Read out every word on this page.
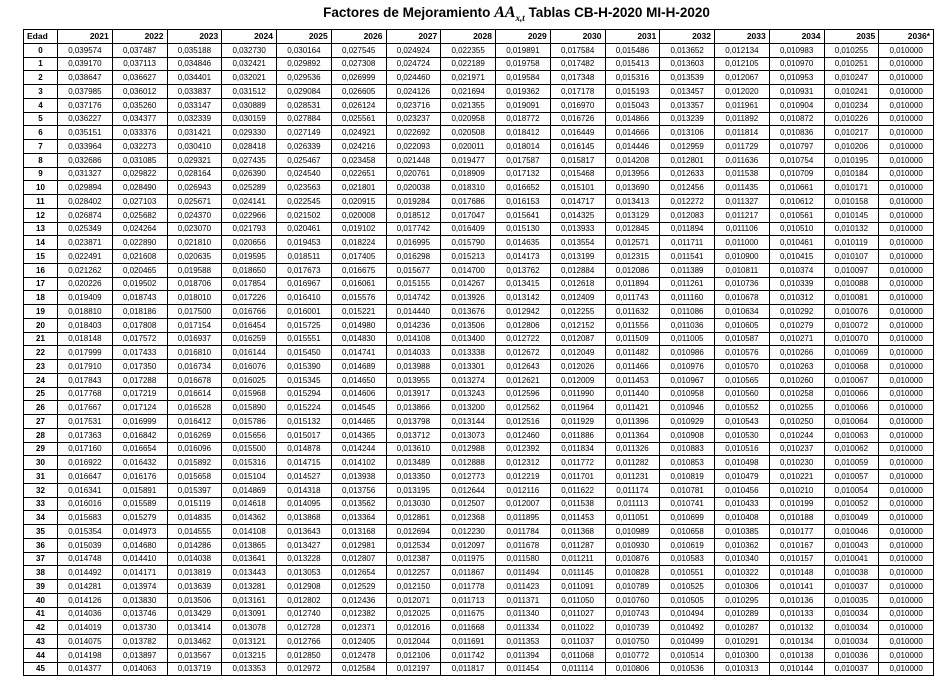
Factores de Mejoramiento $AA_{x,t}$ Tablas CB-H-2020 MI-H-2020
Edad	2021	2022	2023	2024	2025	2026	2027	2028	2029	2030	2031	2032	2033	2034	2035	2036*
0	0,039574	0,037487	0,035188	0,032730	0,030164	0,027545	0,024924	0,022355	0,019891	0,017584	0,015486	0,013652	0,012134	0,010983	0,010255	0,010000
1	0,039170	0,037113	0,034846	0,032421	0,029892	0,027308	0,024724	0,022189	0,019758	0,017482	0,015413	0,013603	0,012105	0,010970	0,010251	0,010000
2	0,038647	0,036627	0,034401	0,032021	0,029536	0,026999	0,024460	0,021971	0,019584	0,017348	0,015316	0,013539	0,012067	0,010953	0,010247	0,010000
3	0,037985	0,036012	0,033837	0,031512	0,029084	0,026605	0,024126	0,021694	0,019362	0,017178	0,015193	0,013457	0,012020	0,010931	0,010241	0,010000
4	0,037176	0,035260	0,033147	0,030889	0,028531	0,026124	0,023716	0,021355	0,019091	0,016970	0,015043	0,013357	0,011961	0,010904	0,010234	0,010000
5	0,036227	0,034377	0,032339	0,030159	0,027884	0,025561	0,023237	0,020958	0,018772	0,016726	0,014866	0,013239	0,011892	0,010872	0,010226	0,010000
6	0,035151	0,033376	0,031421	0,029330	0,027149	0,024921	0,022692	0,020508	0,018412	0,016449	0,014666	0,013106	0,011814	0,010836	0,010217	0,010000
7	0,033964	0,032273	0,030410	0,028418	0,026339	0,024216	0,022093	0,020011	0,018014	0,016145	0,014446	0,012959	0,011729	0,010797	0,010206	0,010000
8	0,032686	0,031085	0,029321	0,027435	0,025467	0,023458	0,021448	0,019477	0,017587	0,015817	0,014208	0,012801	0,011636	0,010754	0,010195	0,010000
9	0,031327	0,029822	0,028164	0,026390	0,024540	0,022651	0,020761	0,018909	0,017132	0,015468	0,013956	0,012633	0,011538	0,010709	0,010184	0,010000
10	0,029894	0,028490	0,026943	0,025289	0,023563	0,021801	0,020038	0,018310	0,016652	0,015101	0,013690	0,012456	0,011435	0,010661	0,010171	0,010000
11	0,028402	0,027103	0,025671	0,024141	0,022545	0,020915	0,019284	0,017686	0,016153	0,014717	0,013413	0,012272	0,011327	0,010612	0,010158	0,010000
12	0,026874	0,025682	0,024370	0,022966	0,021502	0,020008	0,018512	0,017047	0,015641	0,014325	0,013129	0,012083	0,011217	0,010561	0,010145	0,010000
13	0,025349	0,024264	0,023070	0,021793	0,020461	0,019102	0,017742	0,016409	0,015130	0,013933	0,012845	0,011894	0,011106	0,010510	0,010132	0,010000
14	0,023871	0,022890	0,021810	0,020656	0,019453	0,018224	0,016995	0,015790	0,014635	0,013554	0,012571	0,011711	0,011000	0,010461	0,010119	0,010000
15	0,022491	0,021608	0,020635	0,019595	0,018511	0,017405	0,016298	0,015213	0,014173	0,013199	0,012315	0,011541	0,010900	0,010415	0,010107	0,010000
16	0,021262	0,020465	0,019588	0,018650	0,017673	0,016675	0,015677	0,014700	0,013762	0,012884	0,012086	0,011389	0,010811	0,010374	0,010097	0,010000
17	0,020226	0,019502	0,018706	0,017854	0,016967	0,016061	0,015155	0,014267	0,013415	0,012618	0,011894	0,011261	0,010736	0,010339	0,010088	0,010000
18	0,019409	0,018743	0,018010	0,017226	0,016410	0,015576	0,014742	0,013926	0,013142	0,012409	0,011743	0,011160	0,010678	0,010312	0,010081	0,010000
19	0,018810	0,018186	0,017500	0,016766	0,016001	0,015221	0,014440	0,013676	0,012942	0,012255	0,011632	0,011086	0,010634	0,010292	0,010076	0,010000
20	0,018403	0,017808	0,017154	0,016454	0,015725	0,014980	0,014236	0,013506	0,012806	0,012152	0,011556	0,011036	0,010605	0,010279	0,010072	0,010000
21	0,018148	0,017572	0,016937	0,016259	0,015551	0,014830	0,014108	0,013400	0,012722	0,012087	0,011509	0,011005	0,010587	0,010271	0,010070	0,010000
22	0,017999	0,017433	0,016810	0,016144	0,015450	0,014741	0,014033	0,013338	0,012672	0,012049	0,011482	0,010986	0,010576	0,010266	0,010069	0,010000
23	0,017910	0,017350	0,016734	0,016076	0,015390	0,014689	0,013988	0,013301	0,012643	0,012026	0,011466	0,010976	0,010570	0,010263	0,010068	0,010000
24	0,017843	0,017288	0,016678	0,016025	0,015345	0,014650	0,013955	0,013274	0,012621	0,012009	0,011453	0,010967	0,010565	0,010260	0,010067	0,010000
25	0,017768	0,017219	0,016614	0,015968	0,015294	0,014606	0,013917	0,013243	0,012596	0,011990	0,011440	0,010958	0,010560	0,010258	0,010066	0,010000
26	0,017667	0,017124	0,016528	0,015890	0,015224	0,014545	0,013866	0,013200	0,012562	0,011964	0,011421	0,010946	0,010552	0,010255	0,010066	0,010000
27	0,017531	0,016999	0,016412	0,015786	0,015132	0,014465	0,013798	0,013144	0,012516	0,011929	0,011396	0,010929	0,010543	0,010250	0,010064	0,010000
28	0,017363	0,016842	0,016269	0,015656	0,015017	0,014365	0,013712	0,013073	0,012460	0,011886	0,011364	0,010908	0,010530	0,010244	0,010063	0,010000
29	0,017160	0,016654	0,016096	0,015500	0,014878	0,014244	0,013610	0,012988	0,012392	0,011834	0,011326	0,010883	0,010516	0,010237	0,010062	0,010000
30	0,016922	0,016432	0,015892	0,015316	0,014715	0,014102	0,013489	0,012888	0,012312	0,011772	0,011282	0,010853	0,010498	0,010230	0,010059	0,010000
31	0,016647	0,016176	0,015658	0,015104	0,014527	0,013938	0,013350	0,012773	0,012219	0,011701	0,011231	0,010819	0,010479	0,010221	0,010057	0,010000
32	0,016341	0,015891	0,015397	0,014869	0,014318	0,013756	0,013195	0,012644	0,012116	0,011622	0,011174	0,010781	0,010456	0,010210	0,010054	0,010000
33	0,016016	0,015589	0,015119	0,014618	0,014095	0,013562	0,013030	0,012507	0,012007	0,011538	0,011113	0,010741	0,010433	0,010199	0,010052	0,010000
34	0,015683	0,015279	0,014835	0,014362	0,013868	0,013364	0,012861	0,012368	0,011895	0,011453	0,011051	0,010699	0,010408	0,010188	0,010049	0,010000
35	0,015354	0,014973	0,014555	0,014108	0,013643	0,013168	0,012694	0,012230	0,011784	0,011368	0,010989	0,010658	0,010385	0,010177	0,010046	0,010000
36	0,015039	0,014680	0,014286	0,013865	0,013427	0,012981	0,012534	0,012097	0,011678	0,011287	0,010930	0,010619	0,010362	0,010167	0,010043	0,010000
37	0,014748	0,014410	0,014038	0,013641	0,013228	0,012807	0,012387	0,011975	0,011580	0,011211	0,010876	0,010583	0,010340	0,010157	0,010041	0,010000
38	0,014492	0,014171	0,013819	0,013443	0,013053	0,012654	0,012257	0,011867	0,011494	0,011145	0,010828	0,010551	0,010322	0,010148	0,010038	0,010000
39	0,014281	0,013974	0,013639	0,013281	0,012908	0,012529	0,012150	0,011778	0,011423	0,011091	0,010789	0,010525	0,010306	0,010141	0,010037	0,010000
40	0,014126	0,013830	0,013506	0,013161	0,012802	0,012436	0,012071	0,011713	0,011371	0,011050	0,010760	0,010505	0,010295	0,010136	0,010035	0,010000
41	0,014036	0,013746	0,013429	0,013091	0,012740	0,012382	0,012025	0,011675	0,011340	0,011027	0,010743	0,010494	0,010289	0,010133	0,010034	0,010000
42	0,014019	0,013730	0,013414	0,013078	0,012728	0,012371	0,012016	0,011668	0,011334	0,011022	0,010739	0,010492	0,010287	0,010132	0,010034	0,010000
43	0,014075	0,013782	0,013462	0,013121	0,012766	0,012405	0,012044	0,011691	0,011353	0,011037	0,010750	0,010499	0,010291	0,010134	0,010034	0,010000
44	0,014198	0,013897	0,013567	0,013215	0,012850	0,012478	0,012106	0,011742	0,011394	0,011068	0,010772	0,010514	0,010300	0,010138	0,010036	0,010000
45	0,014377	0,014063	0,013719	0,013353	0,012972	0,012584	0,012197	0,011817	0,011454	0,011114	0,010806	0,010536	0,010313	0,010144	0,010037	0,010000
